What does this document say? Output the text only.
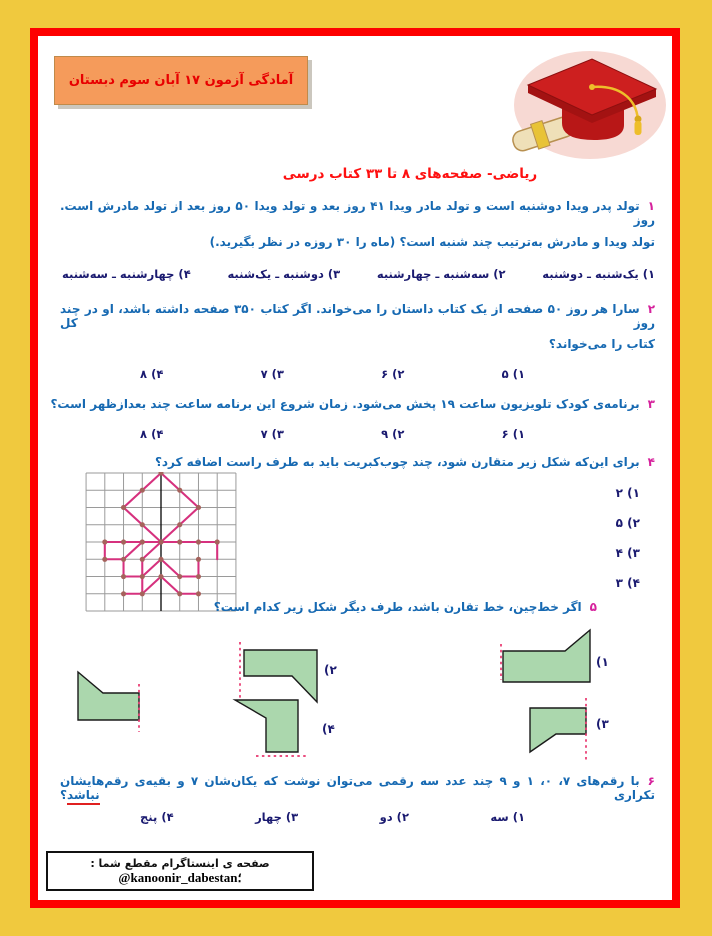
آمادگی آزمون ۱۷ آبان سوم دبستان
ریاضی- صفحه‌های ۸ تا ۳۳ کتاب درسی
۱تولد پدر ویدا دوشنبه است و تولد مادر ویدا ۴۱ روز بعد و تولد ویدا ۵۰ روز بعد از تولد مادرش است. روز
تولد ویدا و مادرش به‌ترتیب چند شنبه است؟ (ماه را ۳۰ روزه در نظر بگیرید.)
۱) یک‌شنبه ـ دوشنبه
۲) سه‌شنبه ـ چهارشنبه
۳) دوشنبه ـ یک‌شنبه
۴) چهارشنبه ـ سه‌شنبه
۲سارا هر روز ۵۰ صفحه از یک کتاب داستان را می‌خواند. اگر کتاب ۳۵۰ صفحه داشته باشد، او در چند روز کل
کتاب را می‌خواند؟
۱) ۵
۲) ۶
۳) ۷
۴) ۸
۳برنامه‌ی کودک تلویزیون ساعت ۱۹ پخش می‌شود. زمان شروع این برنامه ساعت چند بعدازظهر است؟
۱) ۶
۲) ۹
۳) ۷
۴) ۸
۴برای این‌که شکل زیر متقارن شود، چند چوب‌کبریت باید به طرف راست اضافه کرد؟
۱) ۲
۲) ۵
۳) ۴
۴) ۳
۵اگر خط‌چین، خط تقارن باشد، طرف دیگر شکل زیر کدام است؟
۱)
۲)
۳)
۴)
۶با رقم‌های ۷، ۰، ۱ و ۹ چند عدد سه رقمی می‌توان نوشت که یکان‌شان ۷ و بقیه‌ی رقم‌هایشان تکراری نباشد؟
۱) سه
۲) دو
۳) چهار
۴) پنج
صفحه ی اینستاگرام مقطع شما :
@kanoonir_dabestan؛
